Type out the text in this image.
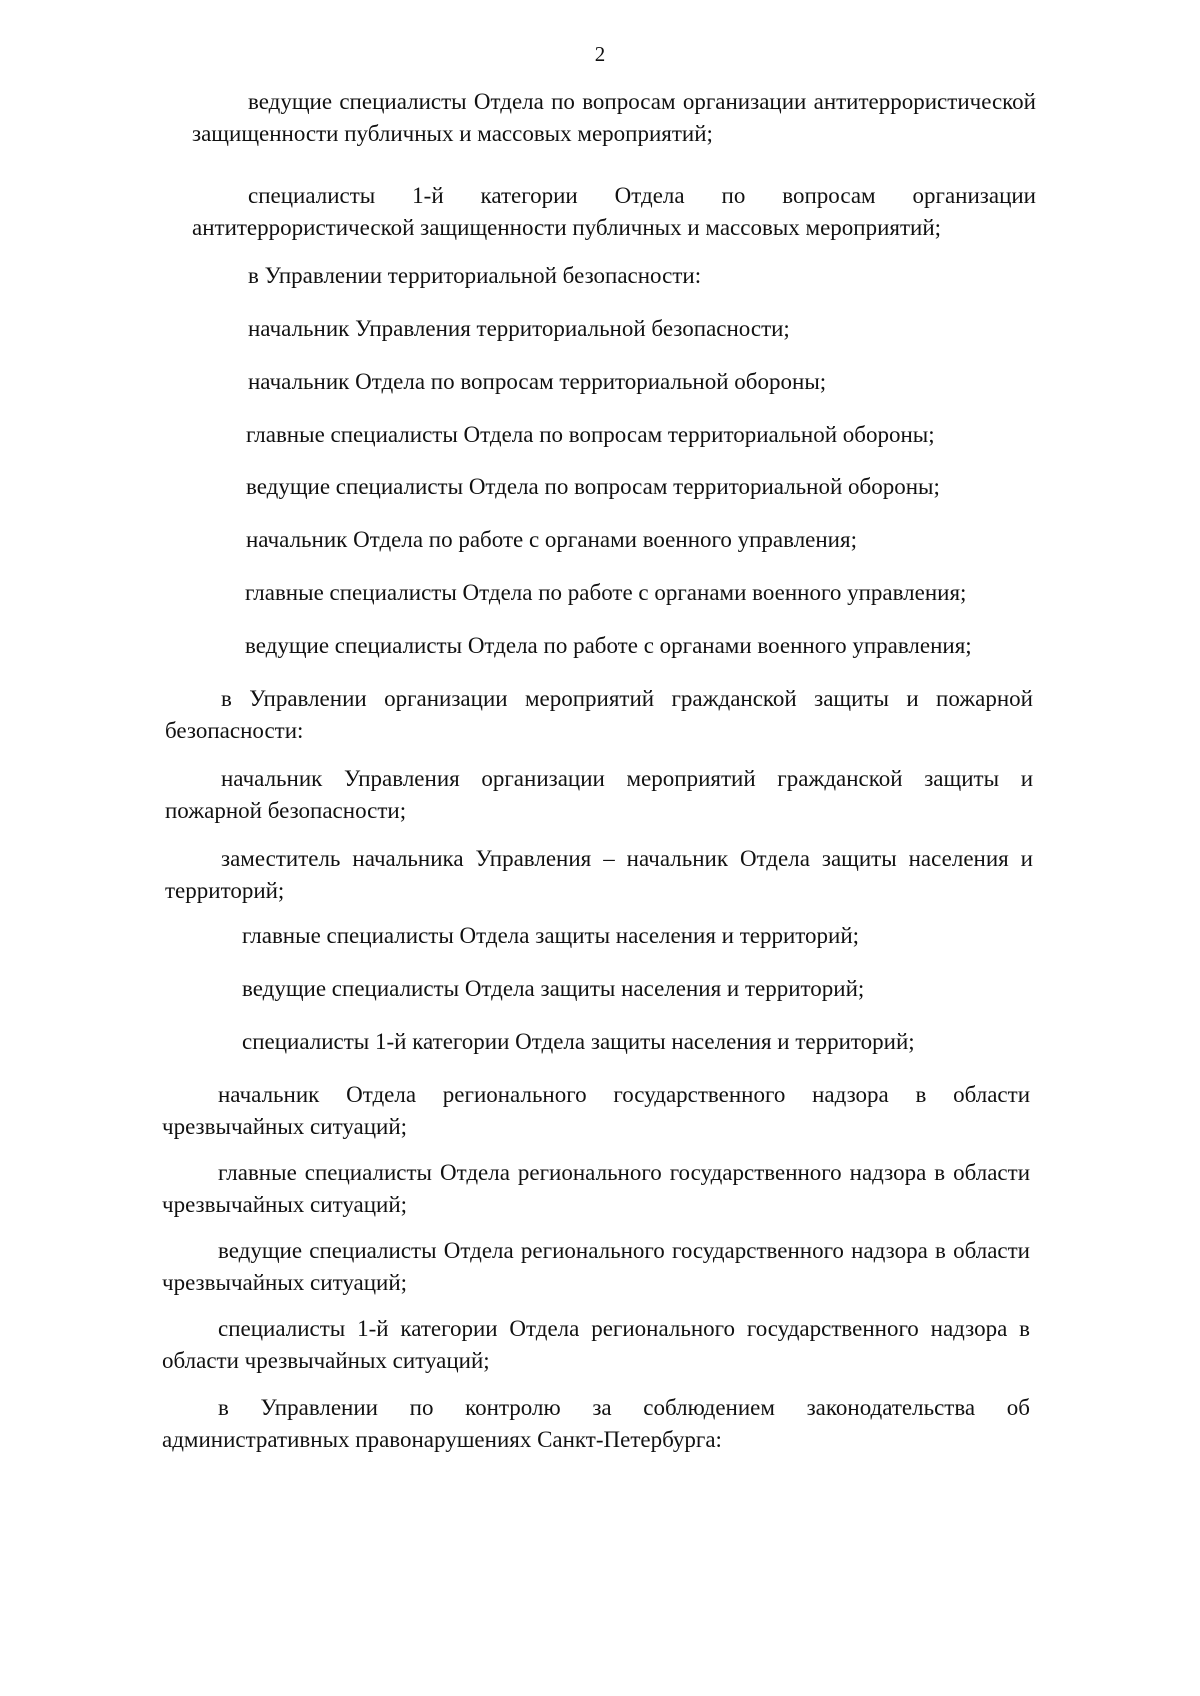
2

ведущие специалисты Отдела по вопросам организации антитеррористической защищенности публичных и массовых мероприятий;

специалисты 1-й категории Отдела по вопросам организации антитеррористической защищенности публичных и массовых мероприятий;

в Управлении территориальной безопасности:

начальник Управления территориальной безопасности;

начальник Отдела по вопросам территориальной обороны;

главные специалисты Отдела по вопросам территориальной обороны;

ведущие специалисты Отдела по вопросам территориальной обороны;

начальник Отдела по работе с органами военного управления;

главные специалисты Отдела по работе с органами военного управления;

ведущие специалисты Отдела по работе с органами военного управления;

в Управлении организации мероприятий гражданской защиты и пожарной безопасности:

начальник Управления организации мероприятий гражданской защиты и пожарной безопасности;

заместитель начальника Управления – начальник Отдела защиты населения и территорий;

главные специалисты Отдела защиты населения и территорий;

ведущие специалисты Отдела защиты населения и территорий;

специалисты 1-й категории Отдела защиты населения и территорий;

начальник Отдела регионального государственного надзора в области чрезвычайных ситуаций;

главные специалисты Отдела регионального государственного надзора в области чрезвычайных ситуаций;

ведущие специалисты Отдела регионального государственного надзора в области чрезвычайных ситуаций;

специалисты 1-й категории Отдела регионального государственного надзора в области чрезвычайных ситуаций;

в Управлении по контролю за соблюдением законодательства об административных правонарушениях Санкт-Петербурга:
